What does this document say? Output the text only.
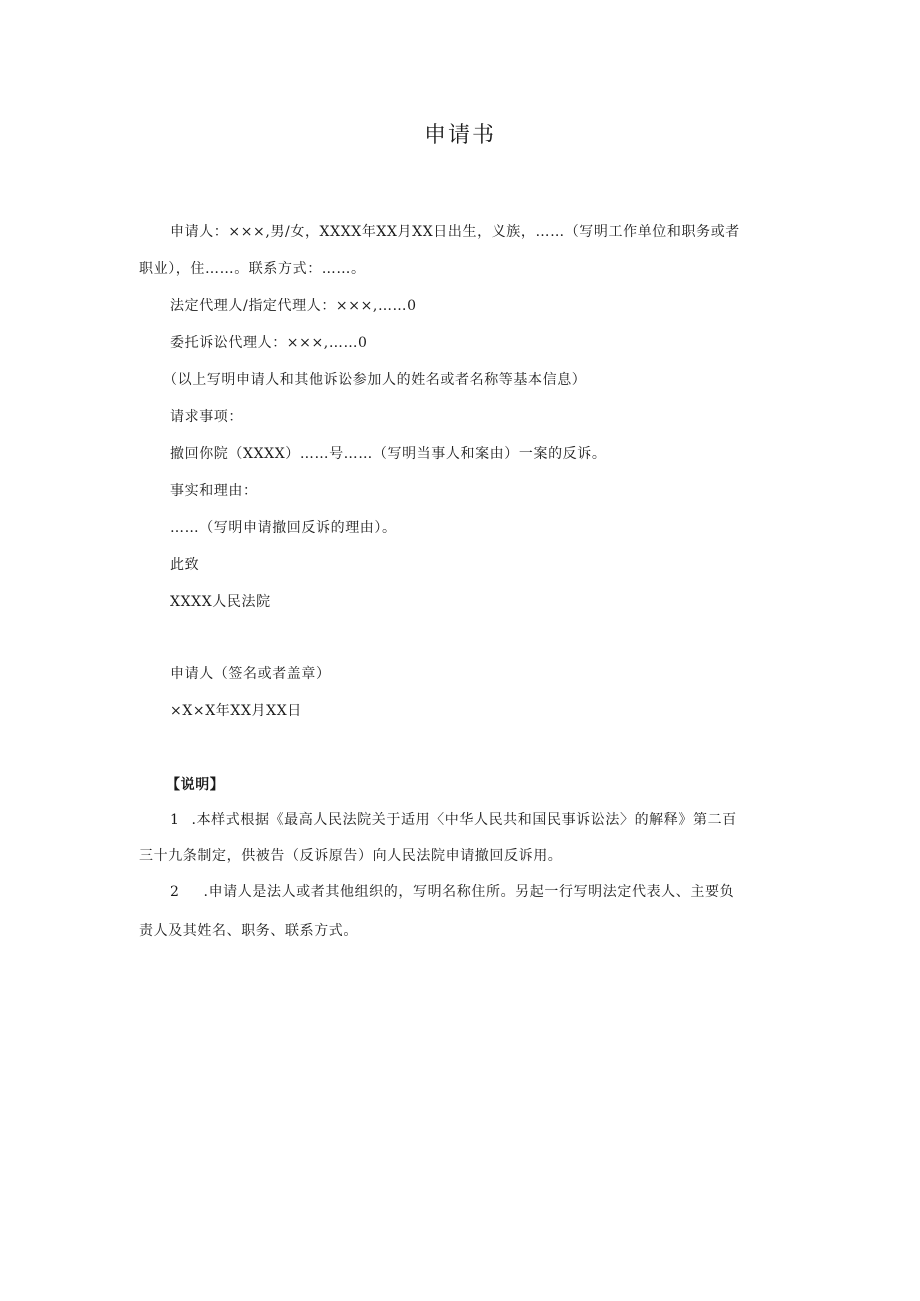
申请书

申请人：×××,男/女，XXXX年XX月XX日出生，义族，……（写明工作单位和职务或者

职业），住……。联系方式：……。

法定代理人/指定代理人：×××,……0

委托诉讼代理人：×××,……0

（以上写明申请人和其他诉讼参加人的姓名或者名称等基本信息）

请求事项：

撤回你院（XXXX）……号……（写明当事人和案由）一案的反诉。

事实和理由：

……（写明申请撤回反诉的理由）。

此致

XXXX人民法院

申请人（签名或者盖章）

×X×X年XX月XX日

【说明】

1 .本样式根据《最高人民法院关于适用〈中华人民共和国民事诉讼法〉的解释》第二百

三十九条制定，供被告（反诉原告）向人民法院申请撤回反诉用。

2 .申请人是法人或者其他组织的，写明名称住所。另起一行写明法定代表人、主要负

责人及其姓名、职务、联系方式。
